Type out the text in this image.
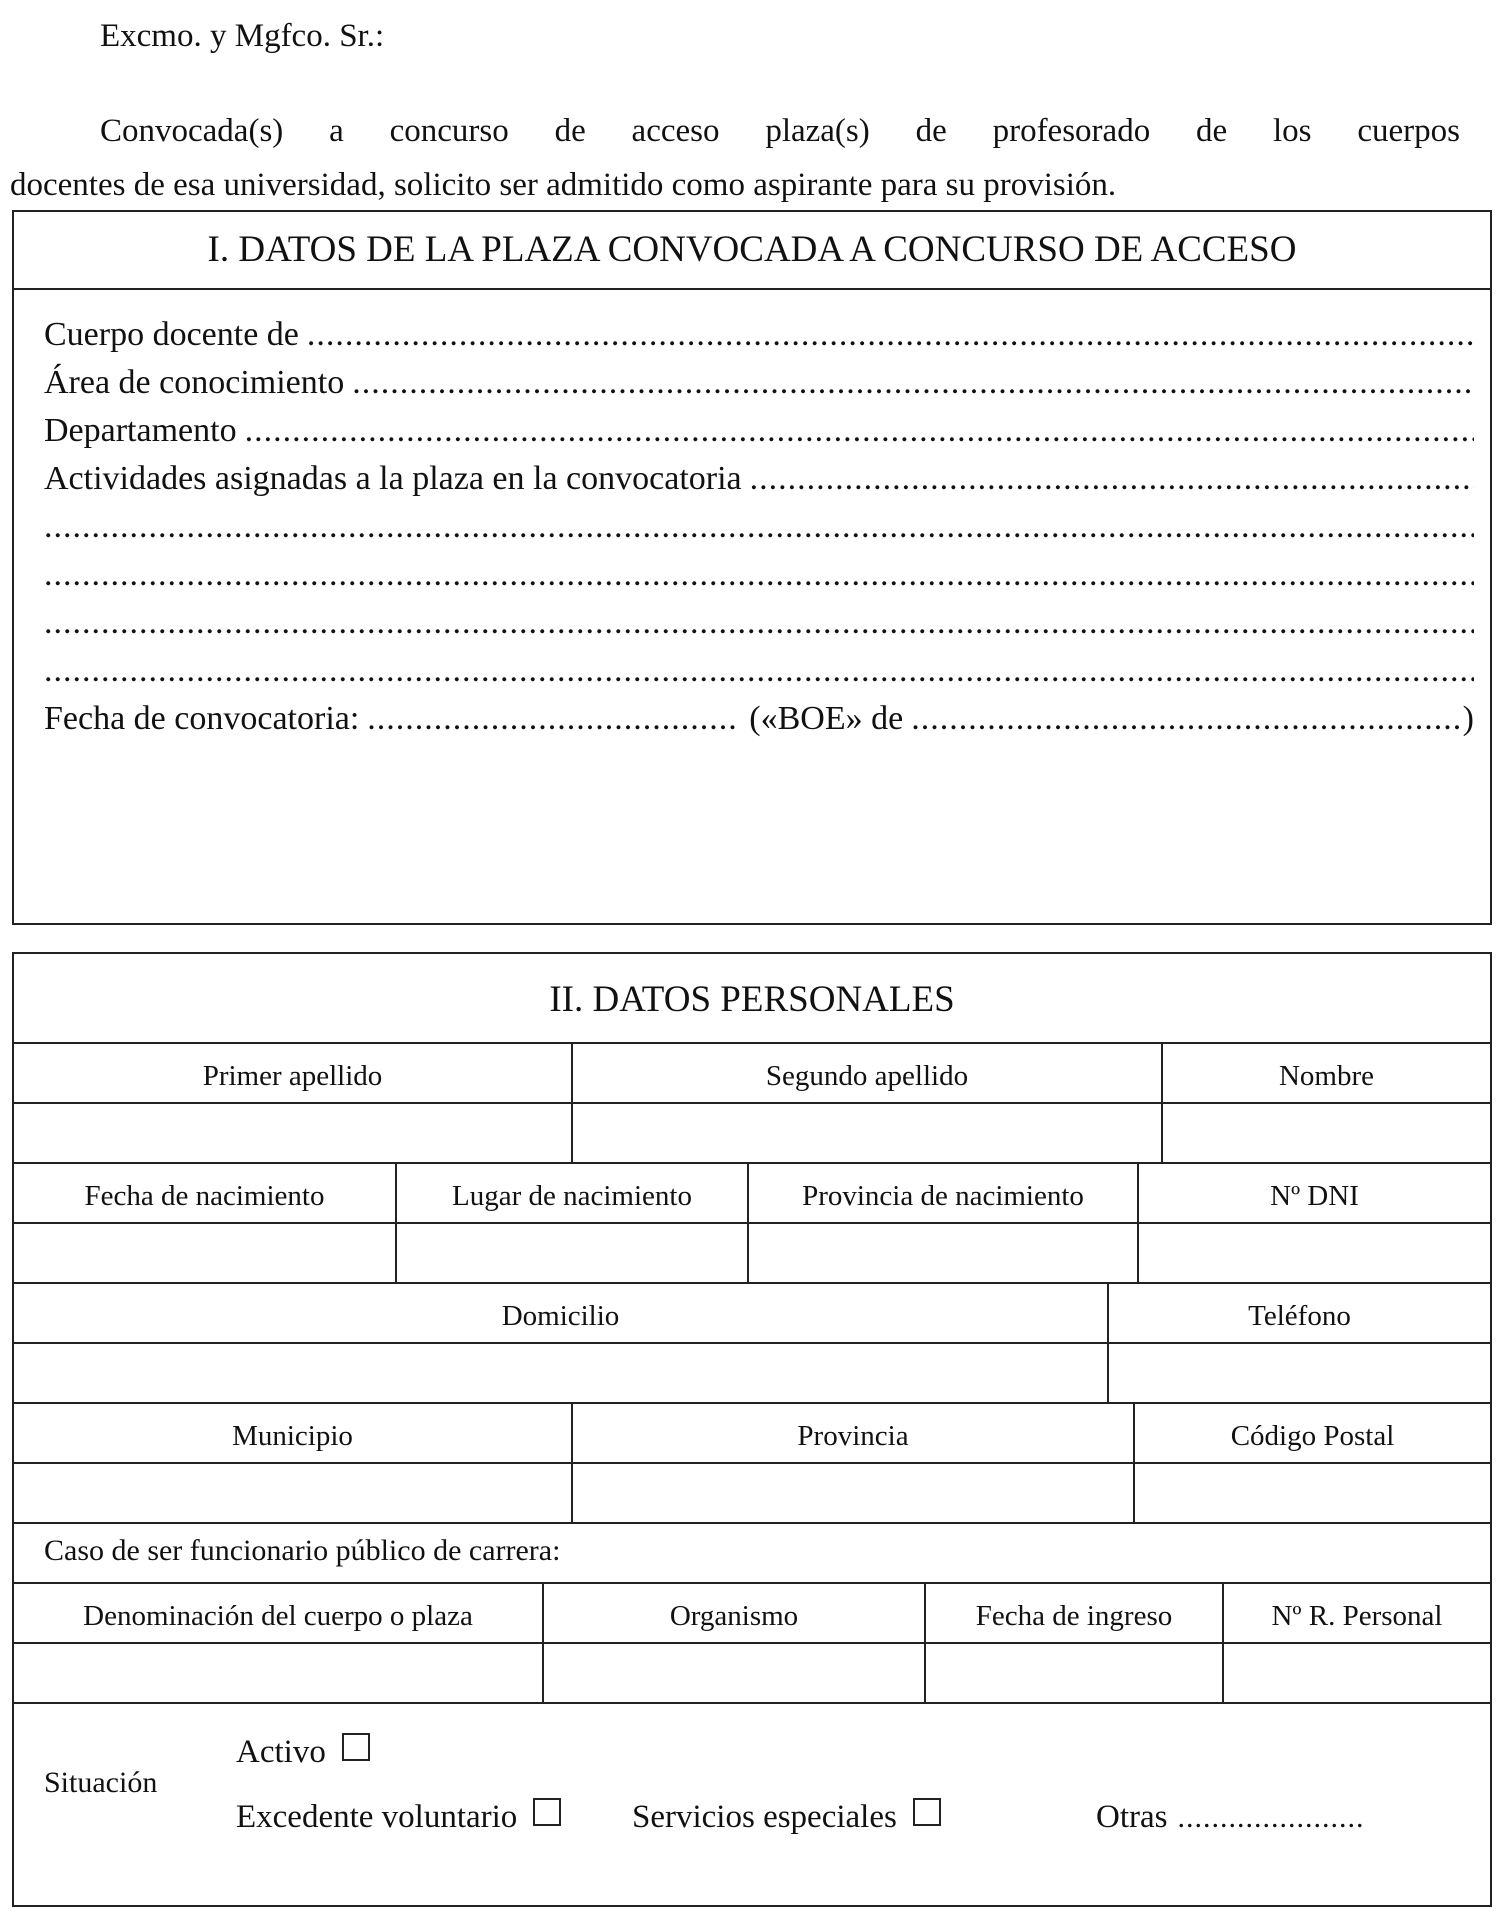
Excmo. y Mgfco. Sr.:
Convocada(s) a concurso de acceso plaza(s) de profesorado de los cuerpos
docentes de esa universidad, solicito ser admitido como aspirante para su provisión.
I. DATOS DE LA PLAZA CONVOCADA A CONCURSO DE ACCESO
Cuerpo docente de
.....
Área de conocimiento
.....
Departamento
.....
Actividades asignadas a la plaza en la convocatoria
.....
.....
.....
.....
.....
Fecha de convocatoria: .....	(«BOE» de .....	)
II. DATOS PERSONALES
Primer apellido	Segundo apellido	Nombre
Fecha de nacimiento	Lugar de nacimiento	Provincia de nacimiento	Nº DNI
Domicilio	Teléfono
Municipio	Provincia	Código Postal
Caso de ser funcionario público de carrera:
Denominación del cuerpo o plaza	Organismo	Fecha de ingreso	Nº R. Personal
Situación
Activo
Excedente voluntario	Servicios especiales	Otras ......................
